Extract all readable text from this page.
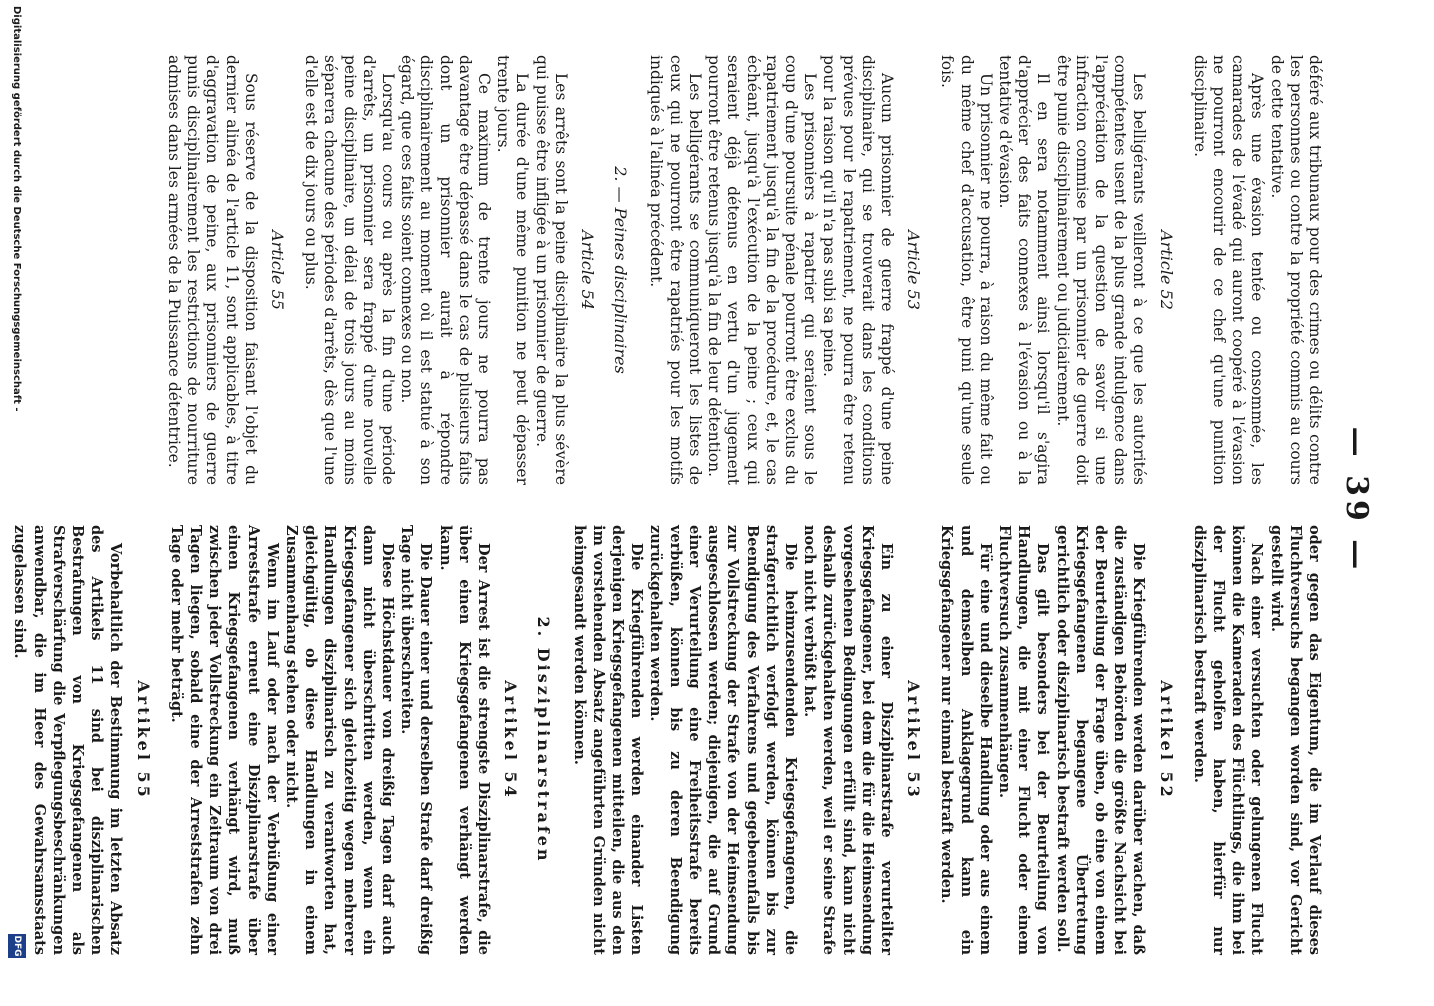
— 39 —

déféré aux tribunaux pour des crimes ou délits contre les personnes ou contre la propriété commis au cours de cette tentative.

Après une évasion tentée ou consommée, les camarades de l'évadé qui auront coopéré à l'évasion ne pourront encourir de ce chef qu'une punition disciplinaire.

Article 52

Les belligérants veilleront à ce que les autorités compétentes usent de la plus grande indulgence dans l'appréciation de la question de savoir si une infraction commise par un prisonnier de guerre doit être punie disciplinairement ou judiciairement.

Il en sera notamment ainsi lorsqu'il s'agira d'apprécier des faits connexes à l'évasion ou à la tentative d'évasion.

Un prisonnier ne pourra, à raison du même fait ou du même chef d'accusation, être puni qu'une seule fois.

Article 53

Aucun prisonnier de guerre frappé d'une peine disciplinaire, qui se trouverait dans les conditions prévues pour le rapatriement, ne pourra être retenu pour la raison qu'il n'a pas subi sa peine.

Les prisonniers à rapatrier qui seraient sous le coup d'une poursuite pénale pourront être exclus du rapatriement jusqu'à la fin de la procédure, et, le cas échéant, jusqu'à l'exécution de la peine ; ceux qui seraient déjà détenus en vertu d'un jugement pourront être retenus jusqu'à la fin de leur détention.

Les belligérants se communiqueront les listes de ceux qui ne pourront être rapatriés pour les motifs indiqués à l'alinéa précédent.

2. — Peines disciplinaires
Article 54

Les arrêts sont la peine disciplinaire la plus sévère qui puisse être infligée à un prisonnier de guerre.

La durée d'une même punition ne peut dépasser trente jours.

Ce maximum de trente jours ne pourra pas davantage être dépassé dans le cas de plusieurs faits dont un prisonnier aurait à répondre disciplinairement au moment où il est statué à son égard, que ces faits soient connexes ou non.

Lorsqu'au cours ou après la fin d'une période d'arrêts, un prisonnier sera frappé d'une nouvelle peine disciplinaire, un délai de trois jours au moins séparera chacune des périodes d'arrêts, dès que l'une d'elle est de dix jours ou plus.

Article 55

Sous réserve de la disposition faisant l'objet du dernier alinéa de l'article 11, sont applicables, à titre d'aggravation de peine, aux prisonniers de guerre punis disciplinairement les restrictions de nourriture admises dans les armées de la Puissance détentrice.

oder gegen das Eigentum, die im Verlauf dieses Fluchtversuchs begangen worden sind, vor Gericht gestellt wird.

Nach einer versuchten oder gelungenen Flucht können die Kameraden des Flüchtlings, die ihm bei der Flucht geholfen haben, hierfür nur disziplinarisch bestraft werden.

Artikel 52

Die Kriegführenden werden darüber wachen, daß die zuständigen Behörden die größte Nachsicht bei der Beurteilung der Frage üben, ob eine von einem Kriegsgefangenen begangene Übertretung gerichtlich oder disziplinarisch bestraft werden soll.

Das gilt besonders bei der Beurteilung von Handlungen, die mit einer Flucht oder einem Fluchtversuch zusammenhängen.

Für eine und dieselbe Handlung oder aus einem und demselben Anklagegrund kann ein Kriegsgefangener nur einmal bestraft werden.

Artikel 53

Ein zu einer Disziplinarstrafe verurteilter Kriegsgefangener, bei dem die für die Heimsendung vorgesehenen Bedingungen erfüllt sind, kann nicht deshalb zurückgehalten werden, weil er seine Strafe noch nicht verbüßt hat.

Die heimzusendenden Kriegsgefangenen, die strafgerichtlich verfolgt werden, können bis zur Beendigung des Verfahrens und gegebenenfalls bis zur Vollstreckung der Strafe von der Heimsendung ausgeschlossen werden; diejenigen, die auf Grund einer Verurteilung eine Freiheitsstrafe bereits verbüßen, können bis zu deren Beendigung zurückgehalten werden.

Die Kriegführenden werden einander Listen derjenigen Kriegsgefangenen mitteilen, die aus den im vorstehenden Absatz angeführten Gründen nicht heimgesandt werden können.

2. Disziplinarstrafen
Artikel 54

Der Arrest ist die strengste Disziplinarstrafe, die über einen Kriegsgefangenen verhängt werden kann.

Die Dauer einer und derselben Strafe darf dreißig Tage nicht überschreiten.

Diese Höchstdauer von dreißig Tagen darf auch dann nicht überschritten werden, wenn ein Kriegsgefangener sich gleichzeitig wegen mehrerer Handlungen disziplinarisch zu verantworten hat, gleichgültig, ob diese Handlungen in einem Zusammenhang stehen oder nicht.

Wenn im Lauf oder nach der Verbüßung einer Arreststrafe erneut eine Disziplinarstrafe über einen Kriegsgefangenen verhängt wird, muß zwischen jeder Vollstreckung ein Zeitraum von drei Tagen liegen, sobald eine der Arreststrafen zehn Tage oder mehr beträgt.

Artikel 55

Vorbehaltlich der Bestimmung im letzten Absatz des Artikels 11 sind bei disziplinarischen Bestrafungen von Kriegsgefangenen als Strafverschärfung die Verpflegungsbeschränkungen anwendbar, die im Heer des Gewahrsamsstaats zugelassen sind.

Digitalisierung gefördert durch die Deutsche Forschungsgemeinschaft -
DFG
